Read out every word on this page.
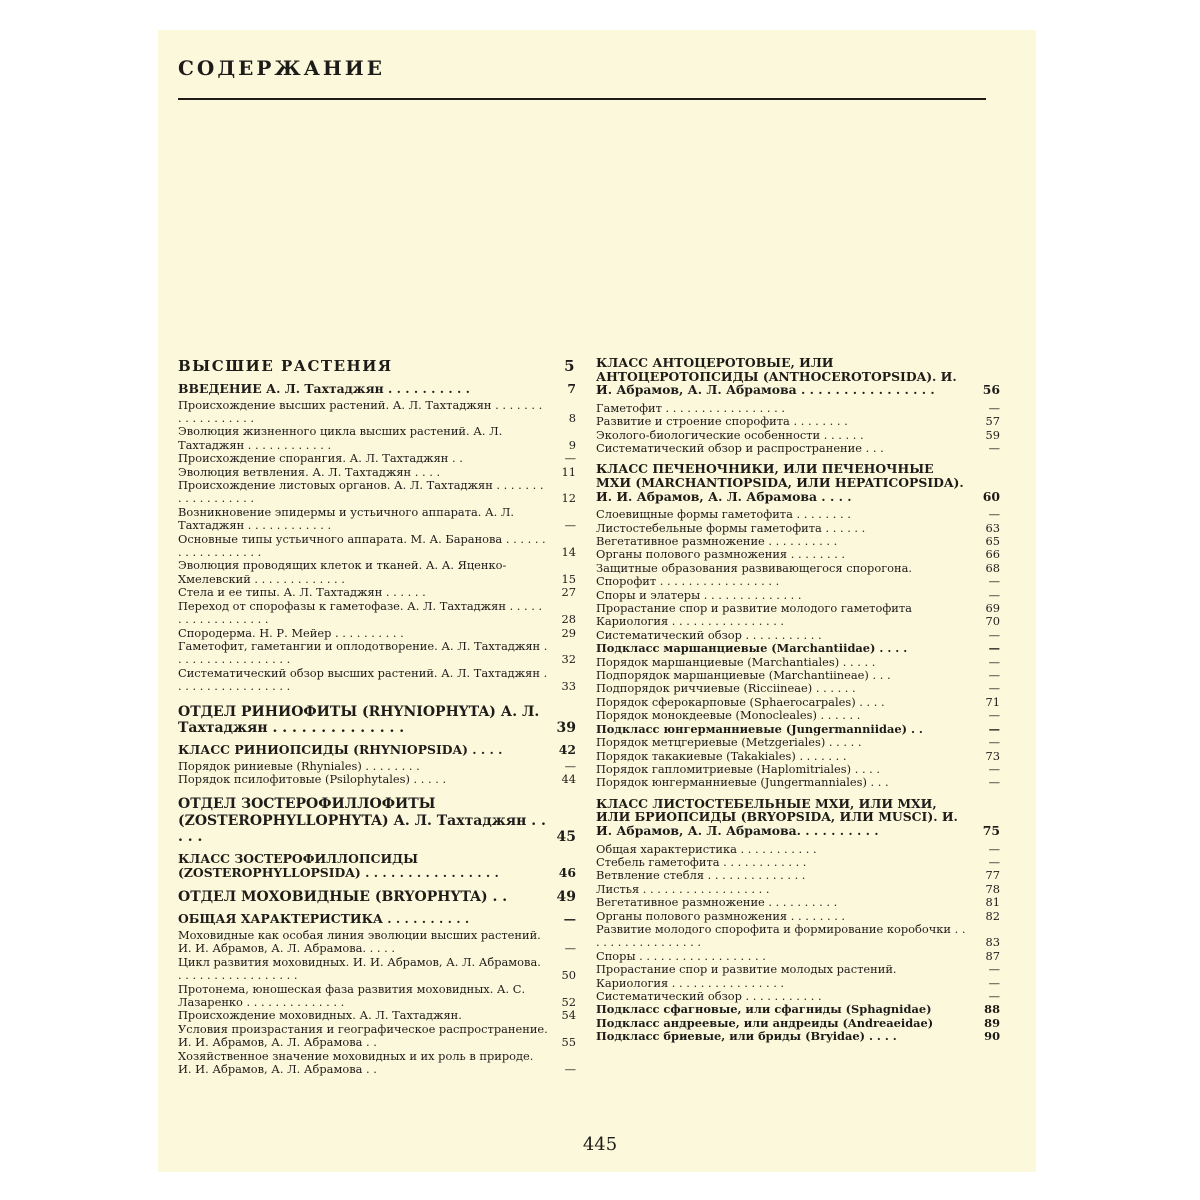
СОДЕРЖАНИЕ
ВЫСШИЕ РАСТЕНИЯ	5
ВВЕДЕНИЕ А. Л. Тахтаджян . . . . . . . . . .	7
Происхождение высших растений. А. Л. Тахтаджян . . . . . . . . . . . . . . . . . .	8
Эволюция жизненного цикла высших растений. А. Л. Тахтаджян . . . . . . . . . . . .	9
Происхождение спорангия. А. Л. Тахтаджян . .	—
Эволюция ветвления. А. Л. Тахтаджян . . . .	11
Происхождение листовых органов. А. Л. Тахтаджян . . . . . . . . . . . . . . . . . .	12
Возникновение эпидермы и устьичного аппарата. А. Л. Тахтаджян . . . . . . . . . . . .	—
Основные типы устьичного аппарата. М. А. Баранова . . . . . . . . . . . . . . . . . .	14
Эволюция проводящих клеток и тканей. А. А. Яценко-Хмелевский . . . . . . . . . . . . .	15
Стела и ее типы. А. Л. Тахтаджян . . . . . .	27
Переход от спорофазы к гаметофазе. А. Л. Тахтаджян . . . . . . . . . . . . . . . . . .	28
Спородерма. Н. Р. Мейер . . . . . . . . . .	29
Гаметофит, гаметангии и оплодотворение. А. Л. Тахтаджян . . . . . . . . . . . . . . . . .	32
Систематический обзор высших растений. А. Л. Тахтаджян . . . . . . . . . . . . . . . . .	33
ОТДЕЛ РИНИОФИТЫ (RHYNIOPHYTA) А. Л. Тахтаджян . . . . . . . . . . . . . .	39
КЛАСС РИНИОПСИДЫ (RHYNIOPSIDA) . . . .	42
Порядок риниевые (Rhyniales) . . . . . . . .	—
Порядок псилофитовые (Psilophytales) . . . . .	44
ОТДЕЛ ЗОСТЕРОФИЛЛОФИТЫ (ZOSTEROPHYLLOPHYTA) А. Л. Тахтаджян . . . . .	45
КЛАСС ЗОСТЕРОФИЛЛОПСИДЫ (ZOSTEROPHYLLOPSIDA) . . . . . . . . . . . . . . . .	46
ОТДЕЛ МОХОВИДНЫЕ (BRYOPHYTA) . .	49
ОБЩАЯ ХАРАКТЕРИСТИКА . . . . . . . . . .	—
Моховидные как особая линия эволюции высших растений. И. И. Абрамов, А. Л. Абрамова. . . . .	—
Цикл развития моховидных. И. И. Абрамов, А. Л. Абрамова. . . . . . . . . . . . . . . . . .	50
Протонема, юношеская фаза развития моховидных. А. С. Лазаренко . . . . . . . . . . . . . .	52
Происхождение моховидных. А. Л. Тахтаджян.	54
Условия произрастания и географическое распространение. И. И. Абрамов, А. Л. Абрамова . .	55
Хозяйственное значение моховидных и их роль в природе. И. И. Абрамов, А. Л. Абрамова . .	—
КЛАСС АНТОЦЕРОТОВЫЕ, ИЛИ АНТОЦЕРОТОПСИДЫ (ANTHOCEROTOPSIDA). И. И. Абрамов, А. Л. Абрамова . . . . . . . . . . . . . . . .	56
Гаметофит . . . . . . . . . . . . . . . . .	—
Развитие и строение спорофита . . . . . . . .	57
Эколого-биологические особенности . . . . . .	59
Систематический обзор и распространение . . .	—
КЛАСС ПЕЧЕНОЧНИКИ, ИЛИ ПЕЧЕНОЧНЫЕ МХИ (MARCHANTIOPSIDA, ИЛИ HEPATICOPSIDA). И. И. Абрамов, А. Л. Абрамова . . . .	60
Слоевищные формы гаметофита . . . . . . . .	—
Листостебельные формы гаметофита . . . . . .	63
Вегетативное размножение . . . . . . . . . .	65
Органы полового размножения . . . . . . . .	66
Защитные образования развивающегося спорогона.	68
Спорофит . . . . . . . . . . . . . . . . .	—
Споры и элатеры . . . . . . . . . . . . . .	—
Прорастание спор и развитие молодого гаметофита	69
Кариология . . . . . . . . . . . . . . . .	70
Систематический обзор . . . . . . . . . . .	—
Подкласс маршанциевые (Marchantiidae) . . . .	—
Порядок маршанциевые (Marchantiales) . . . . .	—
Подпорядок маршанциевые (Marchantiineae) . . .	—
Подпорядок риччиевые (Ricciineae) . . . . . .	—
Порядок сферокарповые (Sphaerocarpales) . . . .	71
Порядок монокдеевые (Monocleales) . . . . . .	—
Подкласс юнгерманниевые (Jungermanniidae) . .	—
Порядок метцгериевые (Metzgeriales) . . . . .	—
Порядок такакиевые (Takakiales) . . . . . . .	73
Порядок гапломитриевые (Haplomitriales) . . . .	—
Порядок юнгерманниевые (Jungermanniales) . . .	—
КЛАСС ЛИСТОСТЕБЕЛЬНЫЕ МХИ, ИЛИ МХИ, ИЛИ БРИОПСИДЫ (BRYOPSIDA, ИЛИ MUSCI). И. И. Абрамов, А. Л. Абрамова. . . . . . . . . .	75
Общая характеристика . . . . . . . . . . .	—
Стебель гаметофита . . . . . . . . . . . .	—
Ветвление стебля . . . . . . . . . . . . . .	77
Листья . . . . . . . . . . . . . . . . . .	78
Вегетативное размножение . . . . . . . . . .	81
Органы полового размножения . . . . . . . .	82
Развитие молодого спорофита и формирование коробочки . . . . . . . . . . . . . . . . .	83
Споры . . . . . . . . . . . . . . . . . .	87
Прорастание спор и развитие молодых растений.	—
Кариология . . . . . . . . . . . . . . . .	—
Систематический обзор . . . . . . . . . . .	—
Подкласс сфагновые, или сфагниды (Sphagnidae)	88
Подкласс андреевые, или андреиды (Andreaeidae)	89
Подкласс бриевые, или бриды (Bryidae) . . . .	90
445
